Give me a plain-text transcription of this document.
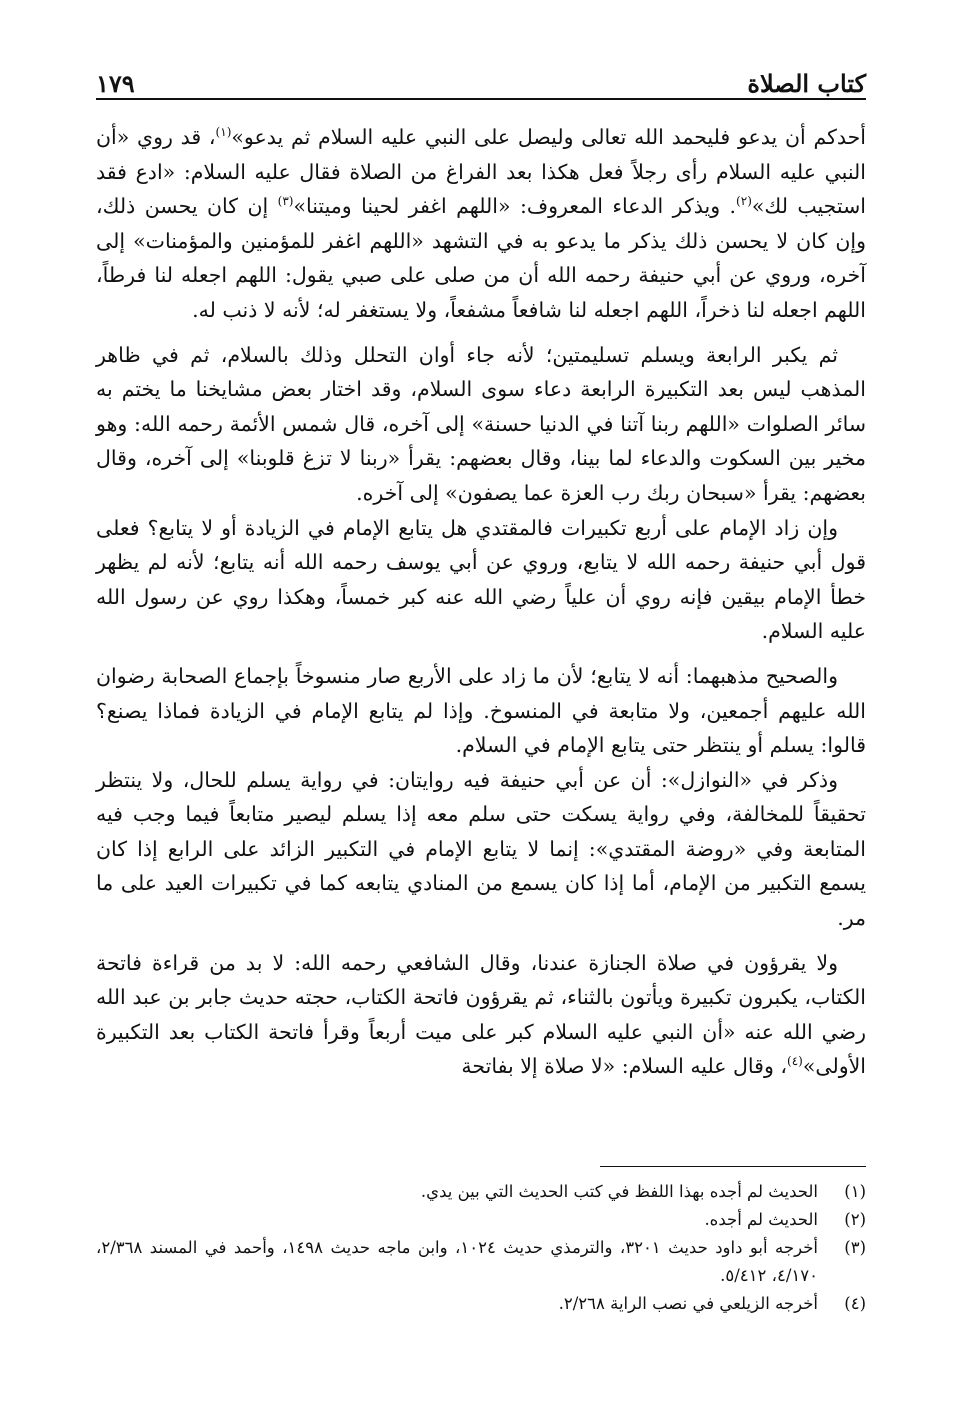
كتاب الصلاة
١٧٩

أحدكم أن يدعو فليحمد الله تعالى وليصل على النبي عليه السلام ثم يدعو»$^{(١)}$، قد روي «أن النبي عليه السلام رأى رجلاً فعل هكذا بعد الفراغ من الصلاة فقال عليه السلام: «ادع فقد استجيب لك»$^{(٢)}$. ويذكر الدعاء المعروف: «اللهم اغفر لحينا وميتنا»$^{(٣)}$ إن كان يحسن ذلك، وإن كان لا يحسن ذلك يذكر ما يدعو به في التشهد «اللهم اغفر للمؤمنين والمؤمنات» إلى آخره، وروي عن أبي حنيفة رحمه الله أن من صلى على صبي يقول: اللهم اجعله لنا فرطاً، اللهم اجعله لنا ذخراً، اللهم اجعله لنا شافعاً مشفعاً، ولا يستغفر له؛ لأنه لا ذنب له.

ثم يكبر الرابعة ويسلم تسليمتين؛ لأنه جاء أوان التحلل وذلك بالسلام، ثم في ظاهر المذهب ليس بعد التكبيرة الرابعة دعاء سوى السلام، وقد اختار بعض مشايخنا ما يختم به سائر الصلوات «اللهم ربنا آتنا في الدنيا حسنة» إلى آخره، قال شمس الأئمة رحمه الله: وهو مخير بين السكوت والدعاء لما بينا، وقال بعضهم: يقرأ «ربنا لا تزغ قلوبنا» إلى آخره، وقال بعضهم: يقرأ «سبحان ربك رب العزة عما يصفون» إلى آخره.

وإن زاد الإمام على أربع تكبيرات فالمقتدي هل يتابع الإمام في الزيادة أو لا يتابع؟ فعلى قول أبي حنيفة رحمه الله لا يتابع، وروي عن أبي يوسف رحمه الله أنه يتابع؛ لأنه لم يظهر خطأ الإمام بيقين فإنه روي أن علياً رضي الله عنه كبر خمساً، وهكذا روي عن رسول الله عليه السلام.

والصحيح مذهبهما: أنه لا يتابع؛ لأن ما زاد على الأربع صار منسوخاً بإجماع الصحابة رضوان الله عليهم أجمعين، ولا متابعة في المنسوخ. وإذا لم يتابع الإمام في الزيادة فماذا يصنع؟ قالوا: يسلم أو ينتظر حتى يتابع الإمام في السلام.

وذكر في «النوازل»: أن عن أبي حنيفة فيه روايتان: في رواية يسلم للحال، ولا ينتظر تحقيقاً للمخالفة، وفي رواية يسكت حتى سلم معه إذا يسلم ليصير متابعاً فيما وجب فيه المتابعة وفي «روضة المقتدي»: إنما لا يتابع الإمام في التكبير الزائد على الرابع إذا كان يسمع التكبير من الإمام، أما إذا كان يسمع من المنادي يتابعه كما في تكبيرات العيد على ما مر.

ولا يقرؤون في صلاة الجنازة عندنا، وقال الشافعي رحمه الله: لا بد من قراءة فاتحة الكتاب، يكبرون تكبيرة ويأتون بالثناء، ثم يقرؤون فاتحة الكتاب، حجته حديث جابر بن عبد الله رضي الله عنه «أن النبي عليه السلام كبر على ميت أربعاً وقرأ فاتحة الكتاب بعد التكبيرة الأولى»$^{(٤)}$، وقال عليه السلام: «لا صلاة إلا بفاتحة

(١)
الحديث لم أجده بهذا اللفظ في كتب الحديث التي بين يدي.
(٢)
الحديث لم أجده.
(٣)
أخرجه أبو داود حديث ٣٢٠١، والترمذي حديث ١٠٢٤، وابن ماجه حديث ١٤٩٨، وأحمد في المسند ٢/٣٦٨، ٤/١٧٠، ٥/٤١٢.
(٤)
أخرجه الزيلعي في نصب الراية ٢/٢٦٨.
